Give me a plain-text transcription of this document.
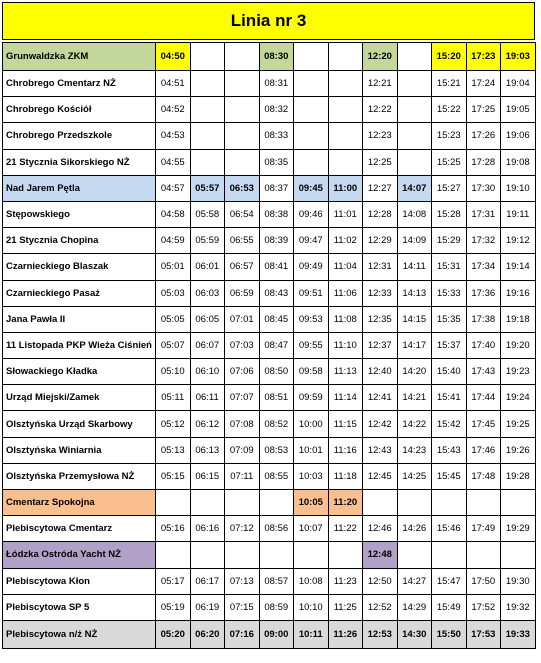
Linia nr 3
Grunwaldzka ZKM	04:50			08:30			12:20		15:20	17:23	19:03
Chrobrego Cmentarz NŻ	04:51			08:31			12:21		15:21	17:24	19:04
Chrobrego Kościół	04:52			08:32			12:22		15:22	17:25	19:05
Chrobrego Przedszkole	04:53			08:33			12:23		15:23	17:26	19:06
21 Stycznia Sikorskiego NŻ	04:55			08:35			12:25		15:25	17:28	19:08
Nad Jarem Pętla	04:57	05:57	06:53	08:37	09:45	11:00	12:27	14:07	15:27	17:30	19:10
Stępowskiego	04:58	05:58	06:54	08:38	09:46	11:01	12:28	14:08	15:28	17:31	19:11
21 Stycznia Chopina	04:59	05:59	06:55	08:39	09:47	11:02	12:29	14:09	15:29	17:32	19:12
Czarnieckiego Blaszak	05:01	06:01	06:57	08:41	09:49	11:04	12:31	14:11	15:31	17:34	19:14
Czarnieckiego Pasaż	05:03	06:03	06:59	08:43	09:51	11:06	12:33	14:13	15:33	17:36	19:16
Jana Pawła II	05:05	06:05	07:01	08:45	09:53	11:08	12:35	14:15	15:35	17:38	19:18
11 Listopada PKP Wieża Ciśnień	05:07	06:07	07:03	08:47	09:55	11:10	12:37	14:17	15:37	17:40	19:20
Słowackiego Kładka	05:10	06:10	07:06	08:50	09:58	11:13	12:40	14:20	15:40	17:43	19:23
Urząd Miejski/Zamek	05:11	06:11	07:07	08:51	09:59	11:14	12:41	14:21	15:41	17:44	19:24
Olsztyńska Urząd Skarbowy	05:12	06:12	07:08	08:52	10:00	11:15	12:42	14:22	15:42	17:45	19:25
Olsztyńska Winiarnia	05:13	06:13	07:09	08:53	10:01	11:16	12:43	14:23	15:43	17:46	19:26
Olsztyńska Przemysłowa NŻ	05:15	06:15	07:11	08:55	10:03	11:18	12:45	14:25	15:45	17:48	19:28
Cmentarz Spokojna					10:05	11:20					
Plebiscytowa Cmentarz	05:16	06:16	07:12	08:56	10:07	11:22	12:46	14:26	15:46	17:49	19:29
Łódzka Ostróda Yacht NŻ							12:48				
Plebiscytowa Kłon	05:17	06:17	07:13	08:57	10:08	11:23	12:50	14:27	15:47	17:50	19:30
Plebiscytowa SP 5	05:19	06:19	07:15	08:59	10:10	11:25	12:52	14:29	15:49	17:52	19:32
Plebiscytowa n/ż NŻ	05:20	06:20	07:16	09:00	10:11	11:26	12:53	14:30	15:50	17:53	19:33
